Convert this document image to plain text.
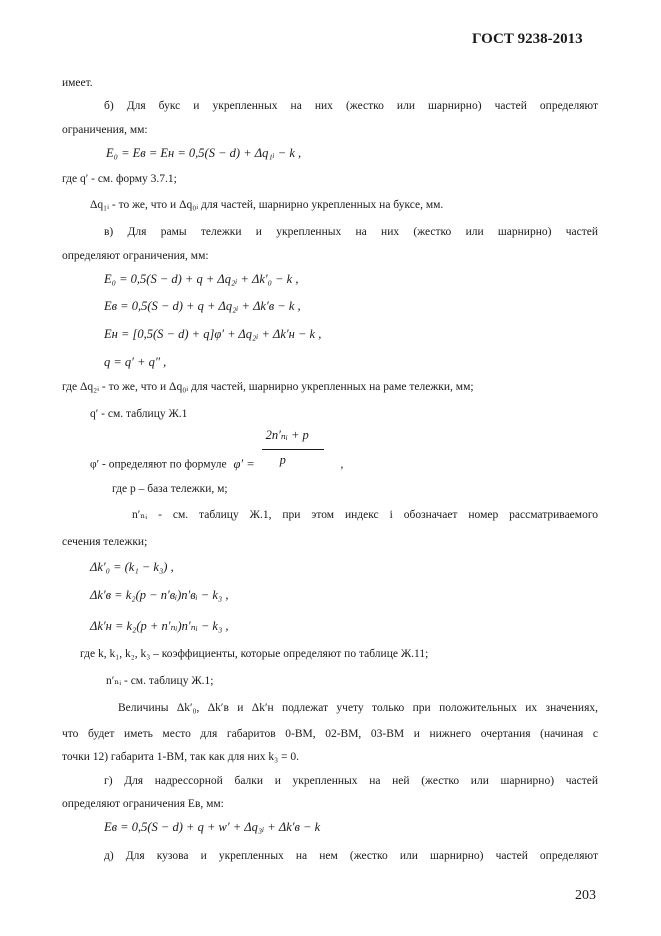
ГОСТ 9238-2013
имеет.
б) Для букс и укрепленных на них (жестко или шарнирно) частей определяют
ограничения, мм:
E₀ = Eв = Eн = 0,5(S − d) + Δq₁ᵢ − k ,
где q′ - см. форму 3.7.1;
Δq₁ᵢ - то же, что и Δq₀ᵢ для частей, шарнирно укрепленных на буксе, мм.
в) Для рамы тележки и укрепленных на них (жестко или шарнирно) частей
определяют ограничения, мм:
E₀ = 0,5(S − d) + q + Δq₂ᵢ + Δk′₀ − k ,
Eв = 0,5(S − d) + q + Δq₂ᵢ + Δk′в − k ,
Eн = [0,5(S − d) + q]φ′ + Δq₂ᵢ + Δk′н − k ,
q = q′ + q″ ,
где Δq₂ᵢ - то же, что и Δq₀ᵢ для частей, шарнирно укрепленных на раме тележки, мм;
q′ - см. таблицу Ж.1
φ′ - определяют по формуле φ′ =
2n′ₙᵢ + p
p	,
где p – база тележки, м;
n′ₙᵢ - см. таблицу Ж.1, при этом индекс i обозначает номер рассматриваемого
сечения тележки;
Δk′₀ = (k₁ − k₃) ,
Δk′в = k₂(p − n′вᵢ)n′вᵢ − k₃ ,
Δk′н = k₂(p + n′ₙᵢ)n′ₙᵢ − k₃ ,
где k, k₁, k₂, k₃ – коэффициенты, которые определяют по таблице Ж.11;
n′ₙᵢ - см. таблицу Ж.1;
Величины Δk′₀, Δk′в и Δk′н подлежат учету только при положительных их значениях,
что будет иметь место для габаритов 0-ВМ, 02-ВМ, 03-ВМ и нижнего очертания (начиная с
точки 12) габарита 1-ВМ, так как для них k₃ = 0.
г) Для надрессорной балки и укрепленных на ней (жестко или шарнирно) частей
определяют ограничения Eв, мм:
Eв = 0,5(S − d) + q + w′ + Δq₃ᵢ + Δk′в − k
д) Для кузова и укрепленных на нем (жестко или шарнирно) частей определяют
203
